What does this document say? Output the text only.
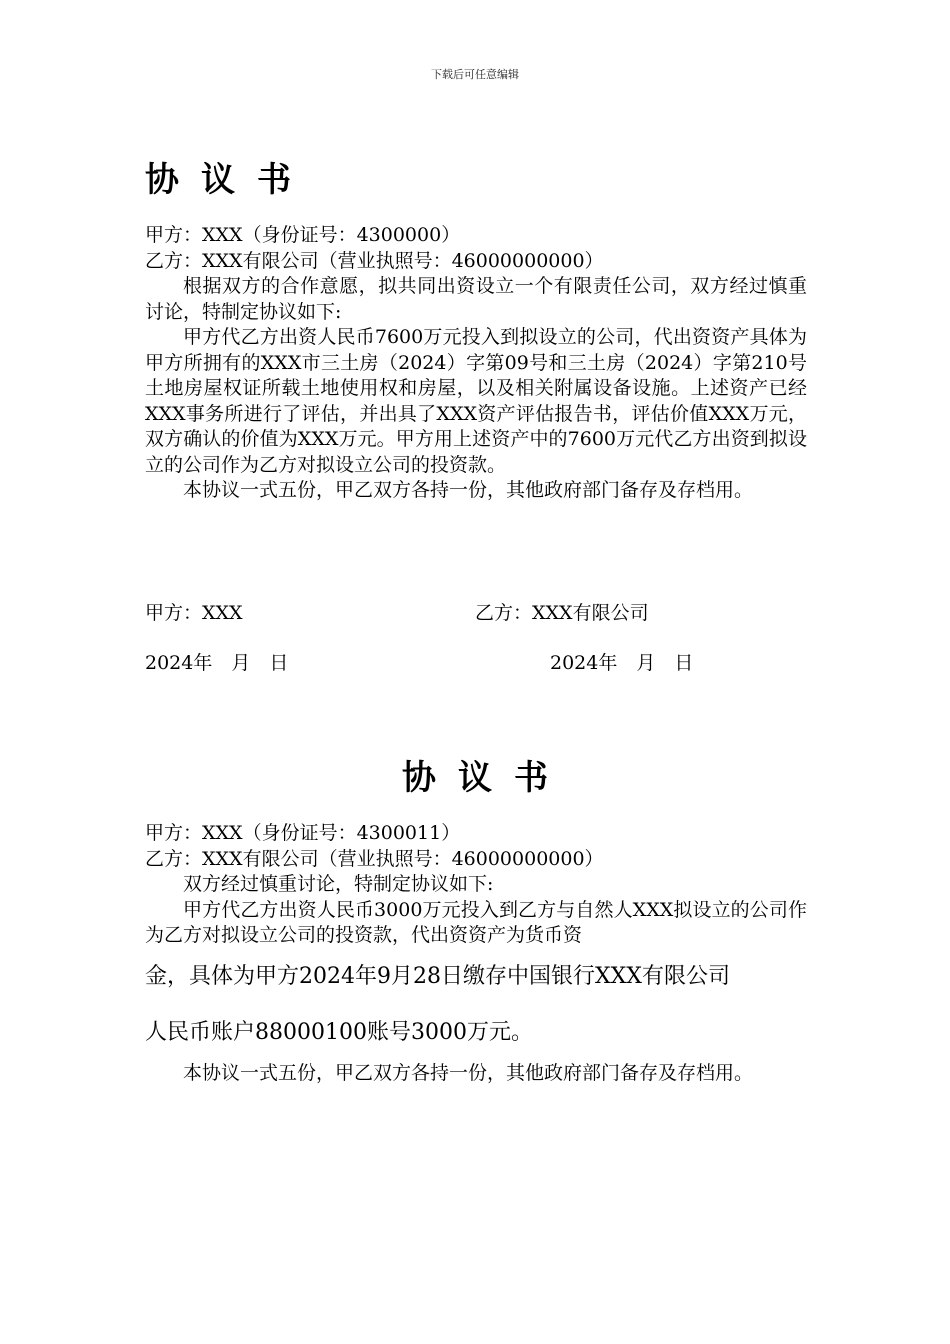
下载后可任意编辑
协议书
甲方：XXX（身份证号：4300000）
乙方：XXX有限公司（营业执照号：46000000000）

根据双方的合作意愿，拟共同出资设立一个有限责任公司，双方经过慎重讨论，特制定协议如下:

甲方代乙方出资人民币7600万元投入到拟设立的公司，代出资资产具体为甲方所拥有的XXX市三土房（2024）字第09号和三土房（2024）字第210号土地房屋权证所载土地使用权和房屋，以及相关附属设备设施。上述资产已经XXX事务所进行了评估，并出具了XXX资产评估报告书，评估价值XXX万元，双方确认的价值为XXX万元。甲方用上述资产中的7600万元代乙方出资到拟设立的公司作为乙方对拟设立公司的投资款。

本协议一式五份，甲乙双方各持一份，其他政府部门备存及存档用。

甲方：XXX	乙方：XXX有限公司
2024年　月　日	2024年　月　日
协议书
甲方：XXX（身份证号：4300011）
乙方：XXX有限公司（营业执照号：46000000000）

双方经过慎重讨论，特制定协议如下:

甲方代乙方出资人民币3000万元投入到乙方与自然人XXX拟设立的公司作为乙方对拟设立公司的投资款，代出资资产为货币资

金，具体为甲方2024年9月28日缴存中国银行XXX有限公司
人民币账户88000100账号3000万元。

本协议一式五份，甲乙双方各持一份，其他政府部门备存及存档用。
